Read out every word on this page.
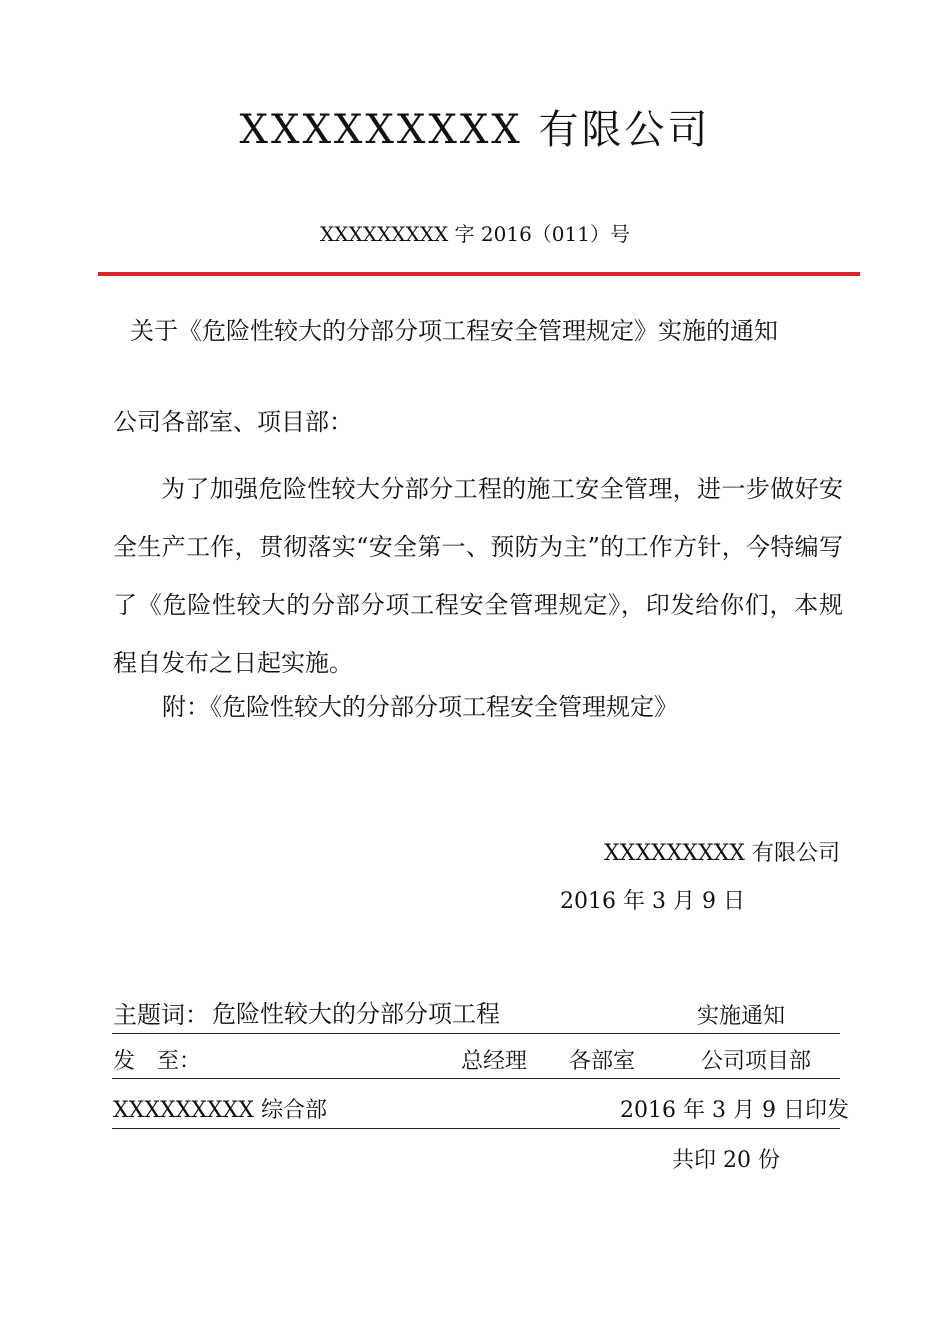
XXXXXXXXX 有限公司
XXXXXXXXX 字 2016（011）号
关于《危险性较大的分部分项工程安全管理规定》实施的通知
公司各部室、项目部：
为了加强危险性较大分部分工程的施工安全管理，进一步做好安全生产工作，贯彻落实“安全第一、预防为主”的工作方针，今特编写了《危险性较大的分部分项工程安全管理规定》，印发给你们，本规程自发布之日起实施。
附：《危险性较大的分部分项工程安全管理规定》
XXXXXXXXX 有限公司
2016 年 3 月 9 日
主题词： 危险性较大的分部分项工程	实施通知
发　至：	总经理 各部室	公司项目部
XXXXXXXXX 综合部	2016 年 3 月 9 日印发
共印 20 份
